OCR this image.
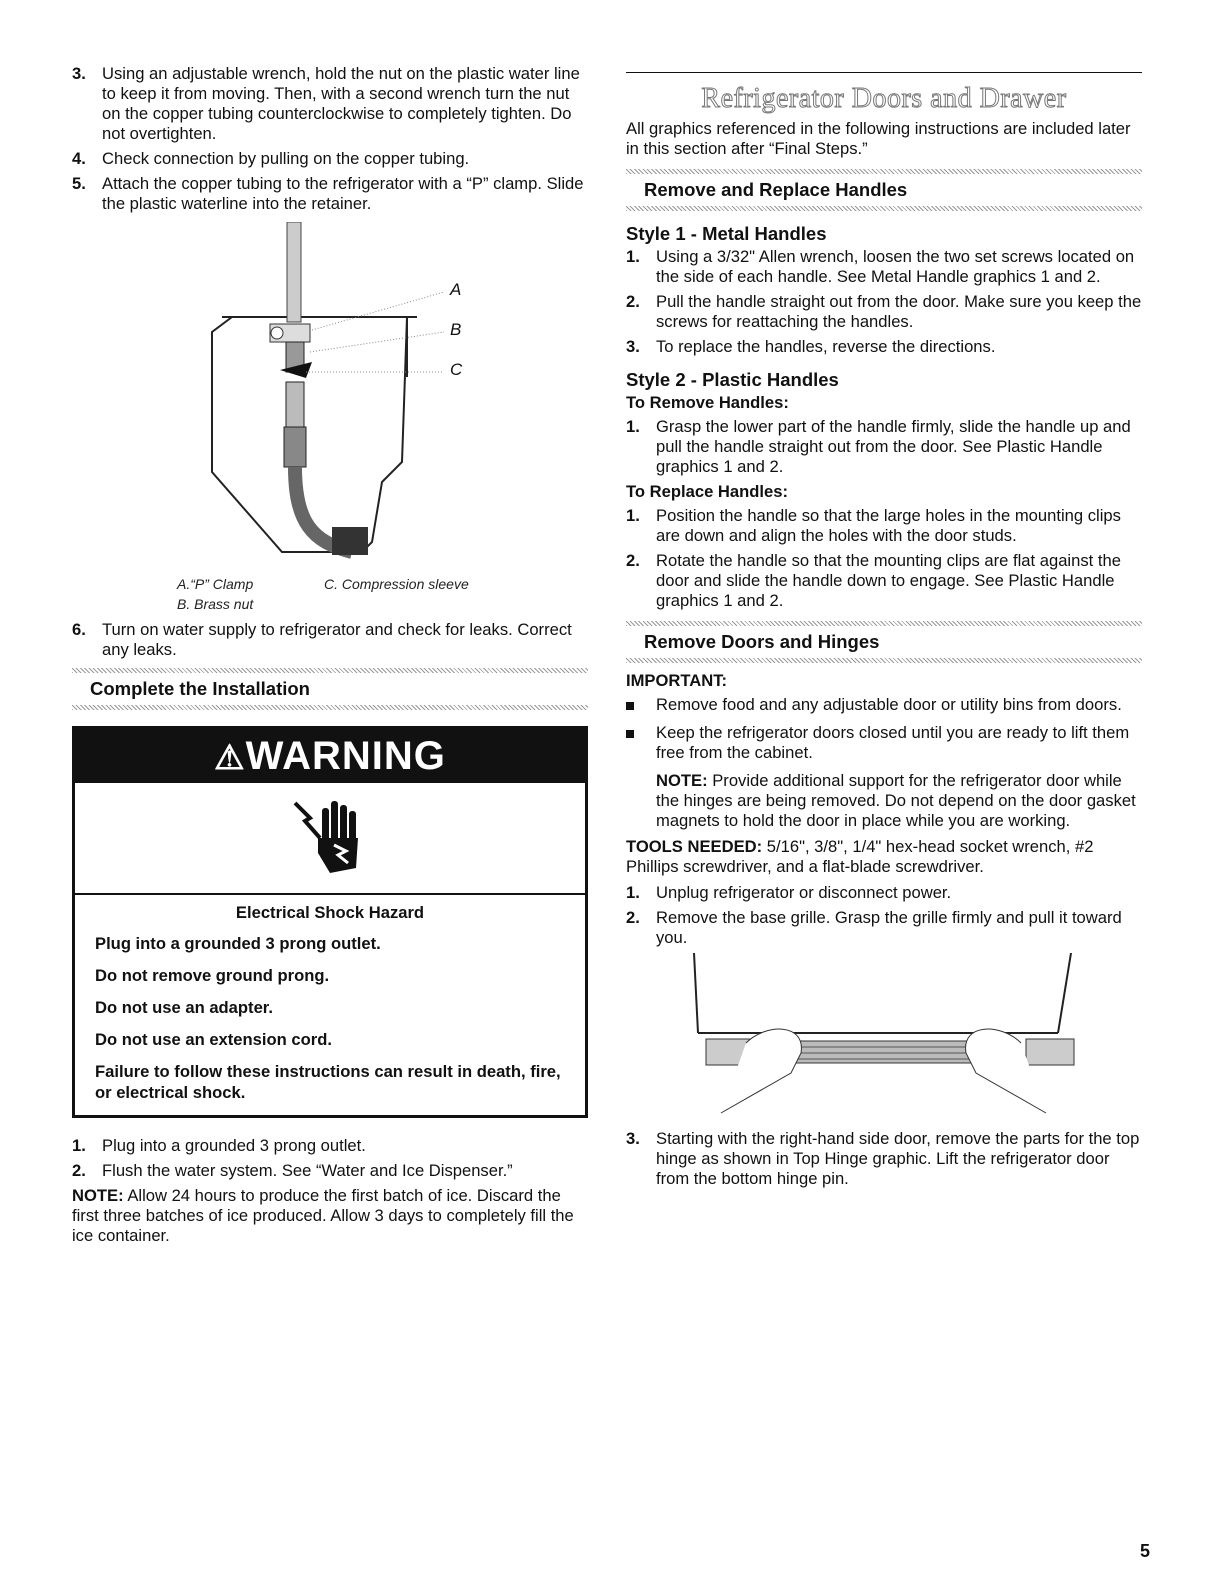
3. Using an adjustable wrench, hold the nut on the plastic water line to keep it from moving. Then, with a second wrench turn the nut on the copper tubing counterclockwise to completely tighten. Do not overtighten.
4. Check connection by pulling on the copper tubing.
5. Attach the copper tubing to the refrigerator with a “P” clamp. Slide the plastic waterline into the retainer.
A
B
C
A.“P” Clamp
B. Brass nut
C. Compression sleeve
6. Turn on water supply to refrigerator and check for leaks. Correct any leaks.
Complete the Installation
⚠WARNING
Electrical Shock Hazard
Plug into a grounded 3 prong outlet.
Do not remove ground prong.
Do not use an adapter.
Do not use an extension cord.
Failure to follow these instructions can result in death, fire, or electrical shock.
1. Plug into a grounded 3 prong outlet.
2. Flush the water system. See “Water and Ice Dispenser.”
NOTE: Allow 24 hours to produce the first batch of ice. Discard the first three batches of ice produced. Allow 3 days to completely fill the ice container.
Refrigerator Doors and Drawer
All graphics referenced in the following instructions are included later in this section after “Final Steps.”
Remove and Replace Handles
Style 1 - Metal Handles
1. Using a 3/32" Allen wrench, loosen the two set screws located on the side of each handle. See Metal Handle graphics 1 and 2.
2. Pull the handle straight out from the door. Make sure you keep the screws for reattaching the handles.
3. To replace the handles, reverse the directions.
Style 2 - Plastic Handles
To Remove Handles:
1. Grasp the lower part of the handle firmly, slide the handle up and pull the handle straight out from the door. See Plastic Handle graphics 1 and 2.
To Replace Handles:
1. Position the handle so that the large holes in the mounting clips are down and align the holes with the door studs.
2. Rotate the handle so that the mounting clips are flat against the door and slide the handle down to engage. See Plastic Handle graphics 1 and 2.
Remove Doors and Hinges
IMPORTANT:
Remove food and any adjustable door or utility bins from doors.
Keep the refrigerator doors closed until you are ready to lift them free from the cabinet.
NOTE: Provide additional support for the refrigerator door while the hinges are being removed. Do not depend on the door gasket magnets to hold the door in place while you are working.
TOOLS NEEDED: 5/16", 3/8", 1/4" hex-head socket wrench, #2 Phillips screwdriver, and a flat-blade screwdriver.
1. Unplug refrigerator or disconnect power.
2. Remove the base grille. Grasp the grille firmly and pull it toward you.
3. Starting with the right-hand side door, remove the parts for the top hinge as shown in Top Hinge graphic. Lift the refrigerator door from the bottom hinge pin.
5
